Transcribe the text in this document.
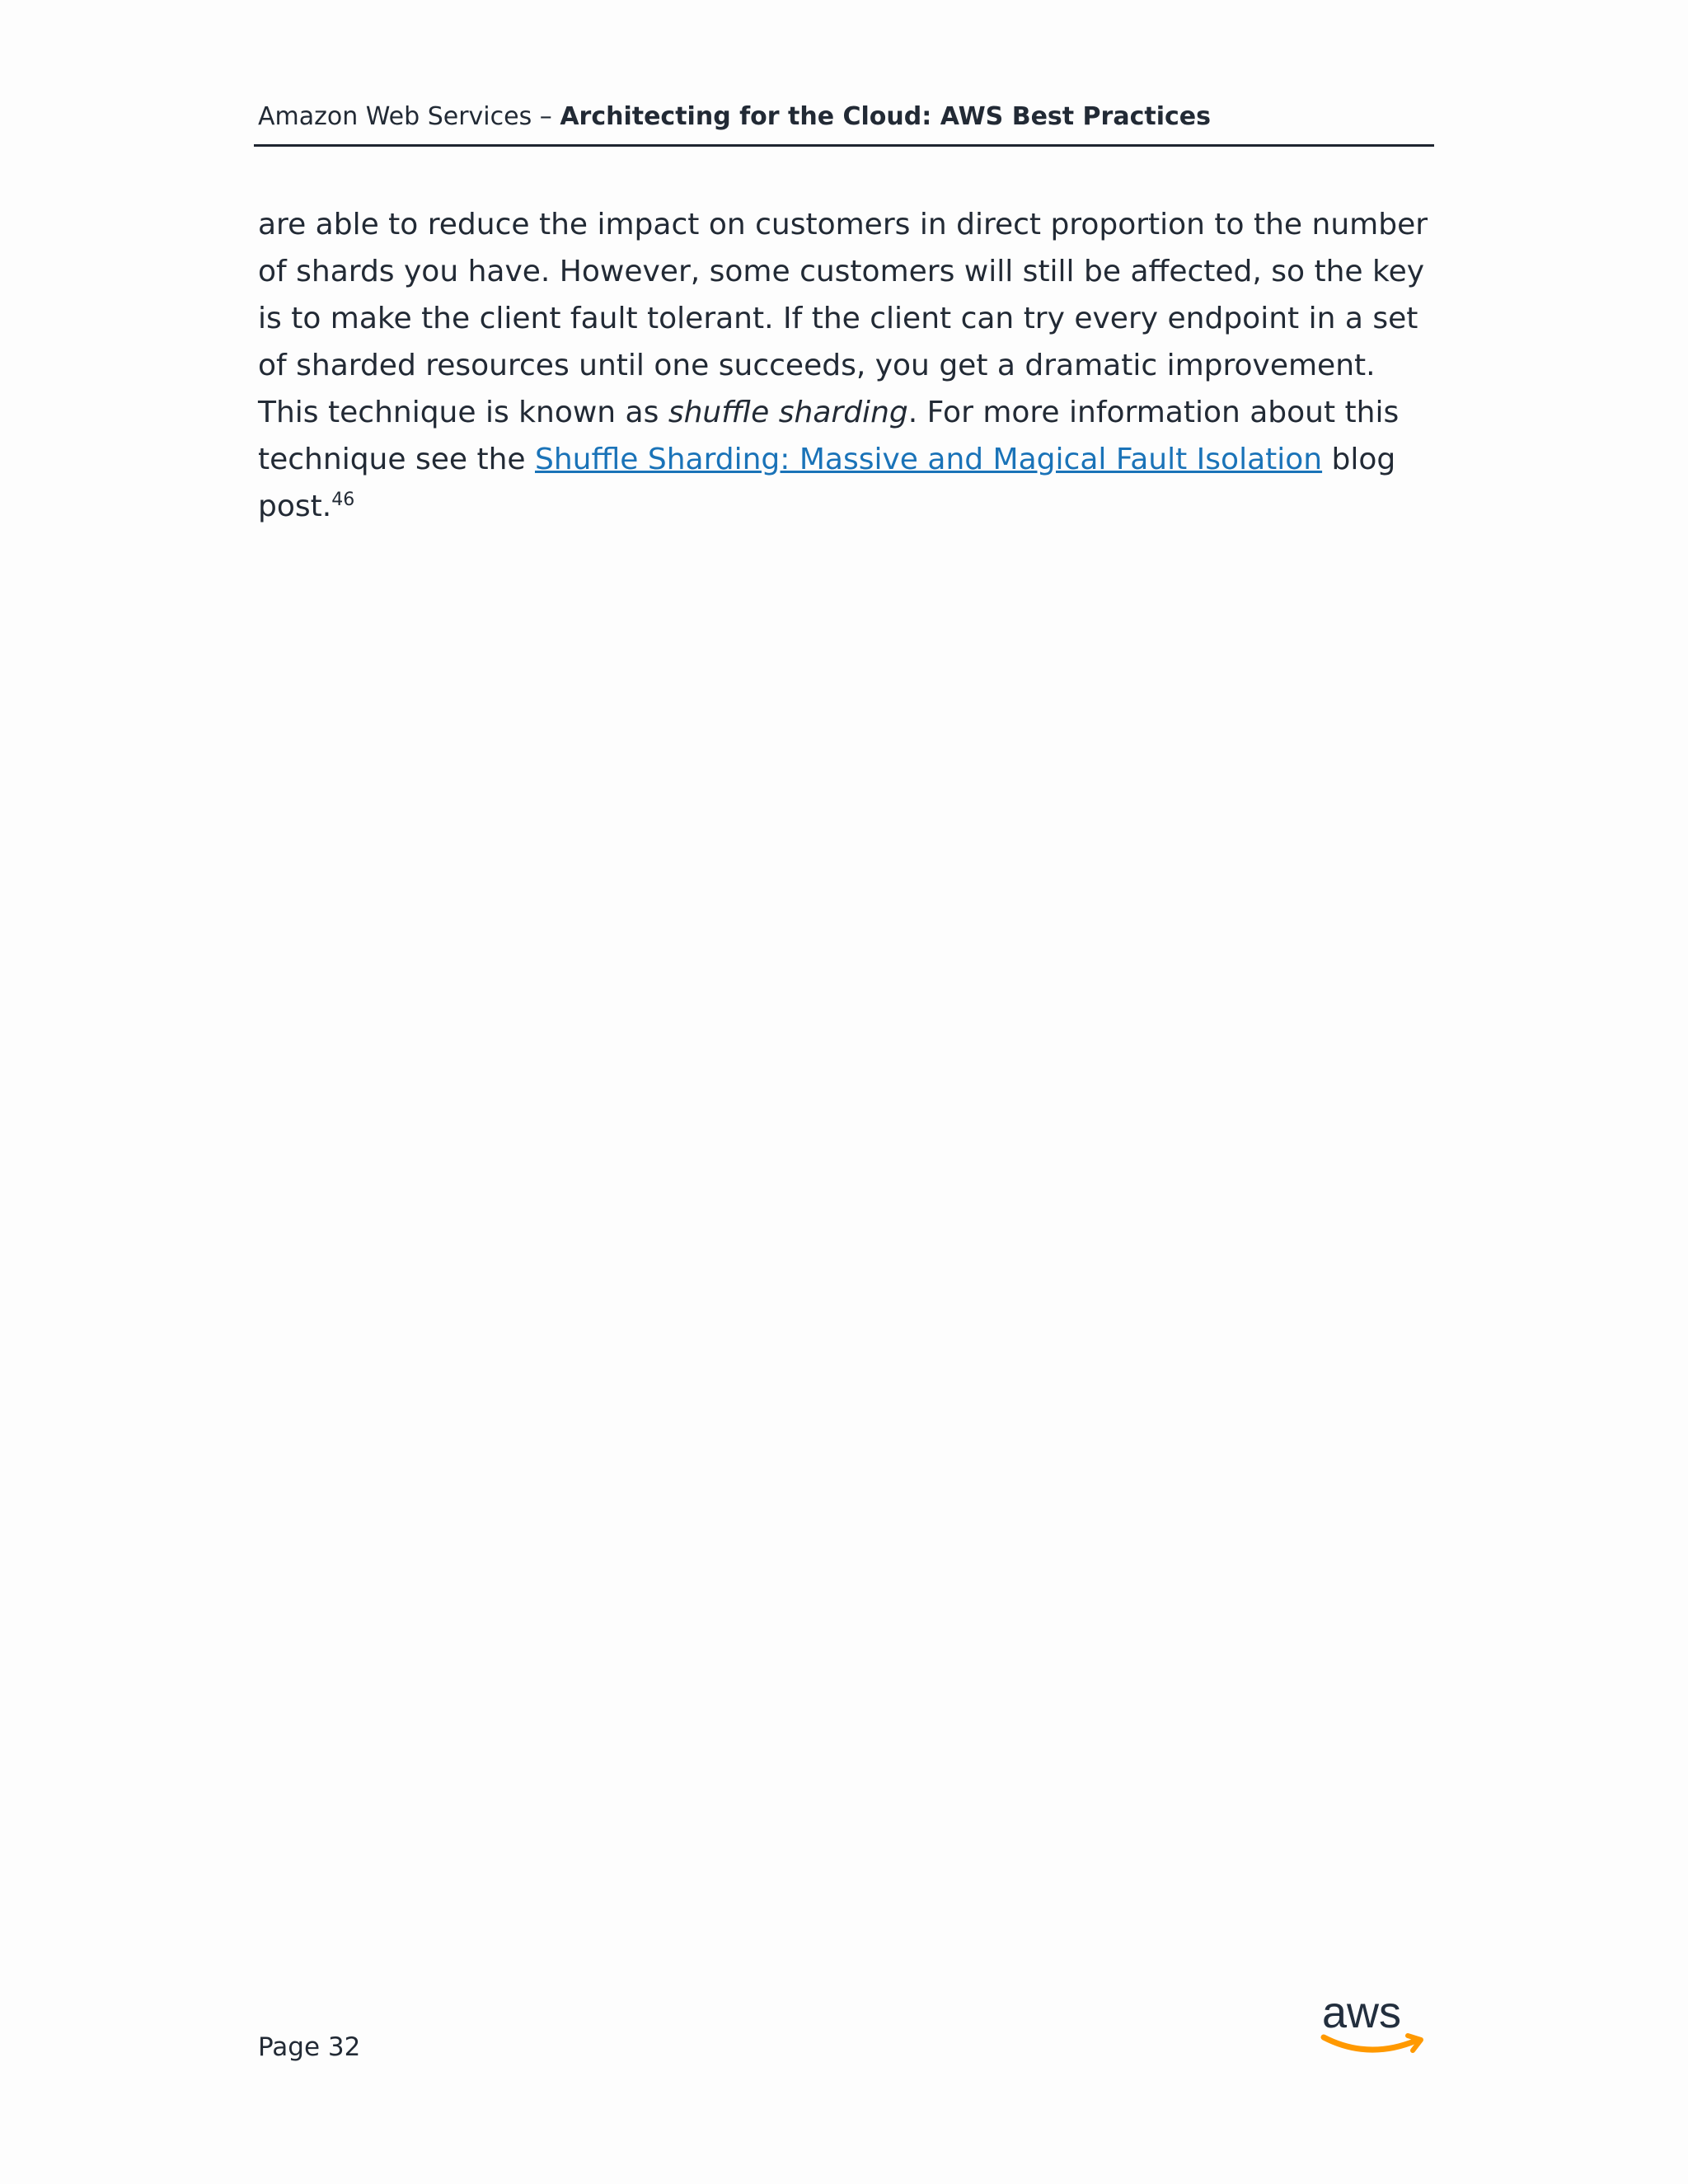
Amazon Web Services – Architecting for the Cloud: AWS Best Practices

are able to reduce the impact on customers in direct proportion to the number of shards you have. However, some customers will still be affected, so the key is to make the client fault tolerant. If the client can try every endpoint in a set of sharded resources until one succeeds, you get a dramatic improvement. This technique is known as shuffle sharding. For more information about this technique see the Shuffle Sharding: Massive and Magical Fault Isolation blog post.$^{46}$

Page 32
aws
